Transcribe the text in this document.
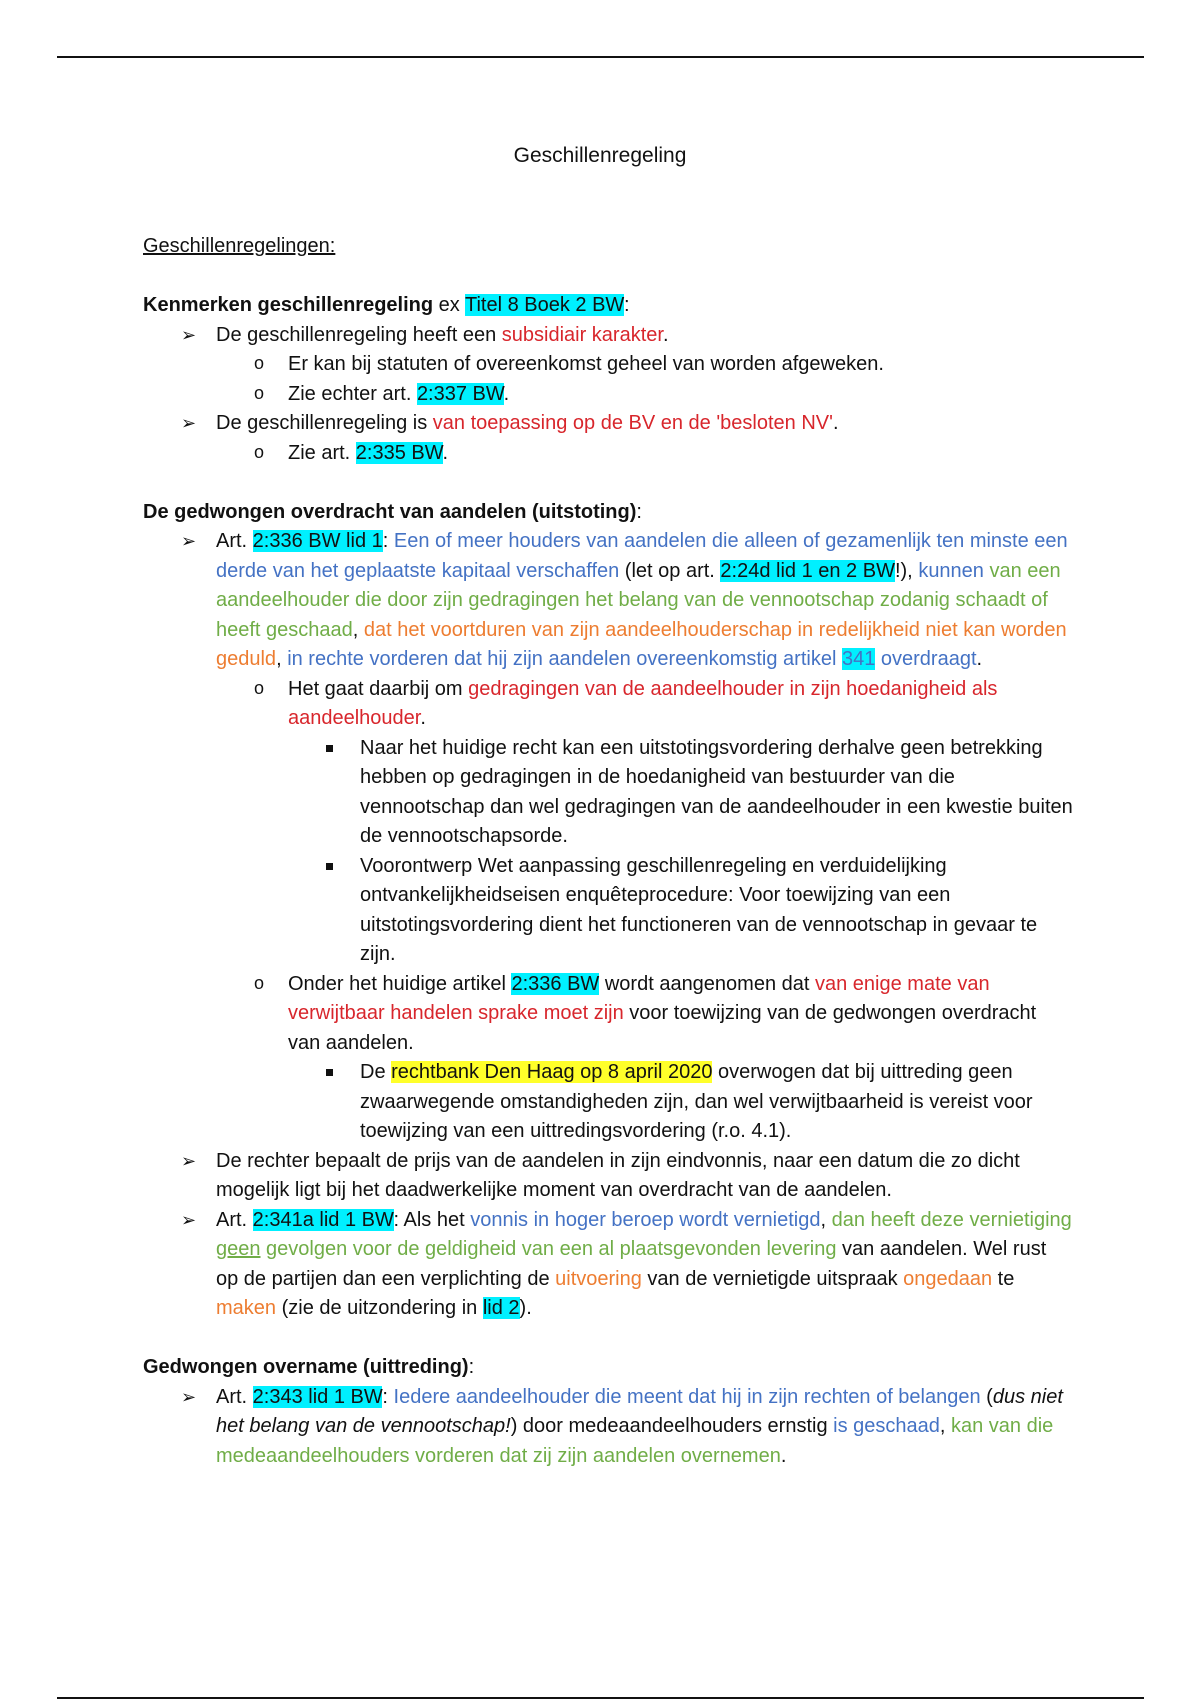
Geschillenregeling

Geschillenregelingen:

Kenmerken geschillenregeling ex Titel 8 Boek 2 BW:

➢ De geschillenregeling heeft een subsidiair karakter.
o Er kan bij statuten of overeenkomst geheel van worden afgeweken.
o Zie echter art. 2:337 BW.
➢ De geschillenregeling is van toepassing op de BV en de 'besloten NV'.
o Zie art. 2:335 BW.

De gedwongen overdracht van aandelen (uitstoting):

➢ Art. 2:336 BW lid 1: Een of meer houders van aandelen die alleen of gezamenlijk ten minste een derde van het geplaatste kapitaal verschaffen (let op art. 2:24d lid 1 en 2 BW!), kunnen van een aandeelhouder die door zijn gedragingen het belang van de vennootschap zodanig schaadt of heeft geschaad, dat het voortduren van zijn aandeelhouderschap in redelijkheid niet kan worden geduld, in rechte vorderen dat hij zijn aandelen overeenkomstig artikel 341 overdraagt.
o Het gaat daarbij om gedragingen van de aandeelhouder in zijn hoedanigheid als aandeelhouder.
Naar het huidige recht kan een uitstotingsvordering derhalve geen betrekking hebben op gedragingen in de hoedanigheid van bestuurder van die vennootschap dan wel gedragingen van de aandeelhouder in een kwestie buiten de vennootschapsorde.
Voorontwerp Wet aanpassing geschillenregeling en verduidelijking ontvankelijkheidseisen enquêteprocedure: Voor toewijzing van een uitstotingsvordering dient het functioneren van de vennootschap in gevaar te zijn.
o Onder het huidige artikel 2:336 BW wordt aangenomen dat van enige mate van verwijtbaar handelen sprake moet zijn voor toewijzing van de gedwongen overdracht van aandelen.
De rechtbank Den Haag op 8 april 2020 overwogen dat bij uittreding geen zwaarwegende omstandigheden zijn, dan wel verwijtbaarheid is vereist voor toewijzing van een uittredingsvordering (r.o. 4.1).
➢ De rechter bepaalt de prijs van de aandelen in zijn eindvonnis, naar een datum die zo dicht mogelijk ligt bij het daadwerkelijke moment van overdracht van de aandelen.
➢ Art. 2:341a lid 1 BW: Als het vonnis in hoger beroep wordt vernietigd, dan heeft deze vernietiging geen gevolgen voor de geldigheid van een al plaatsgevonden levering van aandelen. Wel rust op de partijen dan een verplichting de uitvoering van de vernietigde uitspraak ongedaan te maken (zie de uitzondering in lid 2).

Gedwongen overname (uittreding):

➢ Art. 2:343 lid 1 BW: Iedere aandeelhouder die meent dat hij in zijn rechten of belangen (dus niet het belang van de vennootschap!) door medeaandeelhouders ernstig is geschaad, kan van die medeaandeelhouders vorderen dat zij zijn aandelen overnemen.
